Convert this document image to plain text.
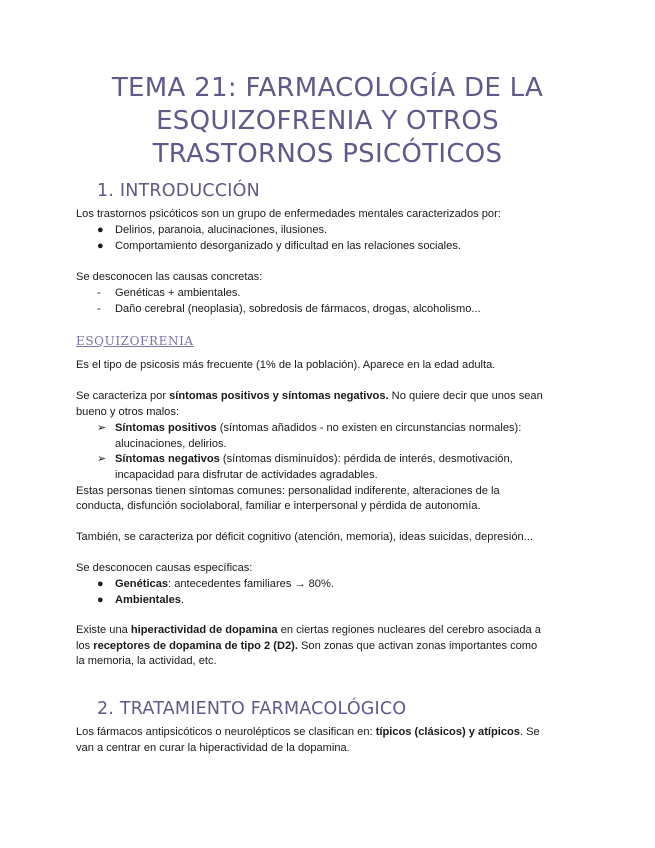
TEMA 21: FARMACOLOGÍA DE LA
ESQUIZOFRENIA Y OTROS
TRASTORNOS PSICÓTICOS
1. INTRODUCCIÓN
Los trastornos psicóticos son un grupo de enfermedades mentales caracterizados por:
● Delirios, paranoia, alucinaciones, ilusiones.
● Comportamiento desorganizado y dificultad en las relaciones sociales.
Se desconocen las causas concretas:
- Genéticas + ambientales.
- Daño cerebral (neoplasia), sobredosis de fármacos, drogas, alcoholismo...
ESQUIZOFRENIA
Es el tipo de psicosis más frecuente (1% de la población). Aparece en la edad adulta.
Se caracteriza por síntomas positivos y síntomas negativos. No quiere decir que unos sean
bueno y otros malos:
➢ Síntomas positivos (síntomas añadidos - no existen en circunstancias normales):
alucinaciones, delirios.
➢ Síntomas negativos (síntomas disminuídos): pérdida de interés, desmotivación,
incapacidad para disfrutar de actividades agradables.
Estas personas tienen síntomas comunes: personalidad indiferente, alteraciones de la
conducta, disfunción sociolaboral, familiar e interpersonal y pérdida de autonomía.
También, se caracteriza por déficit cognitivo (atención, memoria), ideas suicidas, depresión...
Se desconocen causas específicas:
● Genéticas: antecedentes familiares → 80%.
● Ambientales.
Existe una hiperactividad de dopamina en ciertas regiones nucleares del cerebro asociada a
los receptores de dopamina de tipo 2 (D2). Son zonas que activan zonas importantes como
la memoria, la actividad, etc.
2. TRATAMIENTO FARMACOLÓGICO
Los fármacos antipsicóticos o neurolépticos se clasifican en: típicos (clásicos) y atípicos. Se
van a centrar en curar la hiperactividad de la dopamina.
